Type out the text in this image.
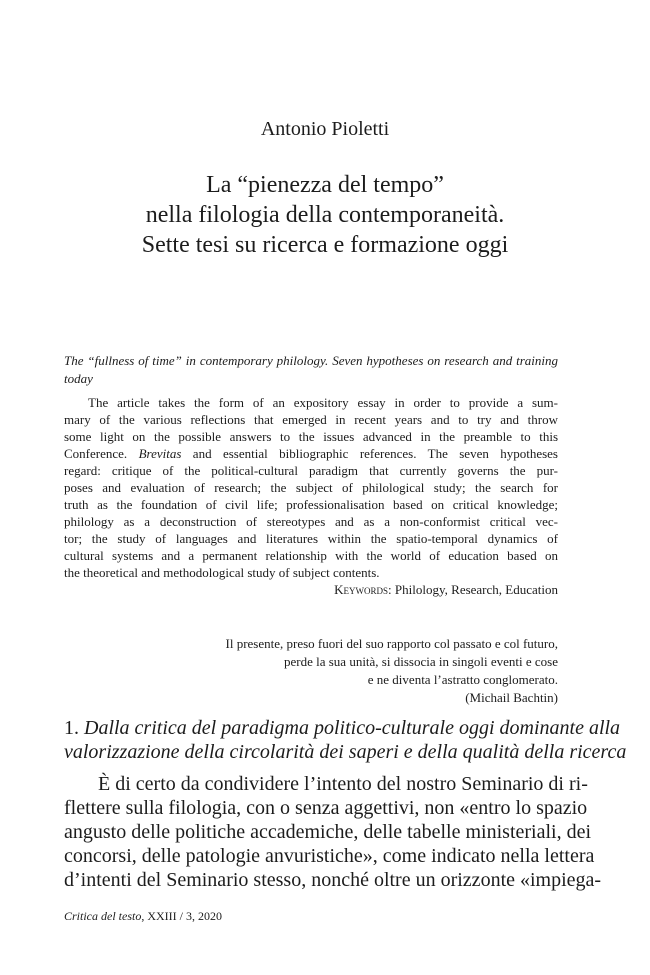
Antonio Pioletti
La “pienezza del tempo”
nella filologia della contemporaneità.
Sette tesi su ricerca e formazione oggi
The “fullness of time” in contemporary philology. Seven hypotheses on research and training today
The article takes the form of an expository essay in order to provide a sum-
mary of the various reflections that emerged in recent years and to try and throw
some light on the possible answers to the issues advanced in the preamble to this
Conference. Brevitas and essential bibliographic references. The seven hypotheses
regard: critique of the political-cultural paradigm that currently governs the pur-
poses and evaluation of research; the subject of philological study; the search for
truth as the foundation of civil life; professionalisation based on critical knowledge;
philology as a deconstruction of stereotypes and as a non-conformist critical vec-
tor; the study of languages and literatures within the spatio-temporal dynamics of
cultural systems and a permanent relationship with the world of education based on
the theoretical and methodological study of subject contents.
Keywords: Philology, Research, Education
Il presente, preso fuori del suo rapporto col passato e col futuro,
perde la sua unità, si dissocia in singoli eventi e cose
e ne diventa l’astratto conglomerato.
(Michail Bachtin)
1. Dalla critica del paradigma politico-culturale oggi dominante alla
valorizzazione della circolarità dei saperi e della qualità della ricerca
È di certo da condividere l’intento del nostro Seminario di ri-
flettere sulla filologia, con o senza aggettivi, non «entro lo spazio
angusto delle politiche accademiche, delle tabelle ministeriali, dei
concorsi, delle patologie anvuristiche», come indicato nella lettera
d’intenti del Seminario stesso, nonché oltre un orizzonte «impiega-
Critica del testo, XXIII / 3, 2020
